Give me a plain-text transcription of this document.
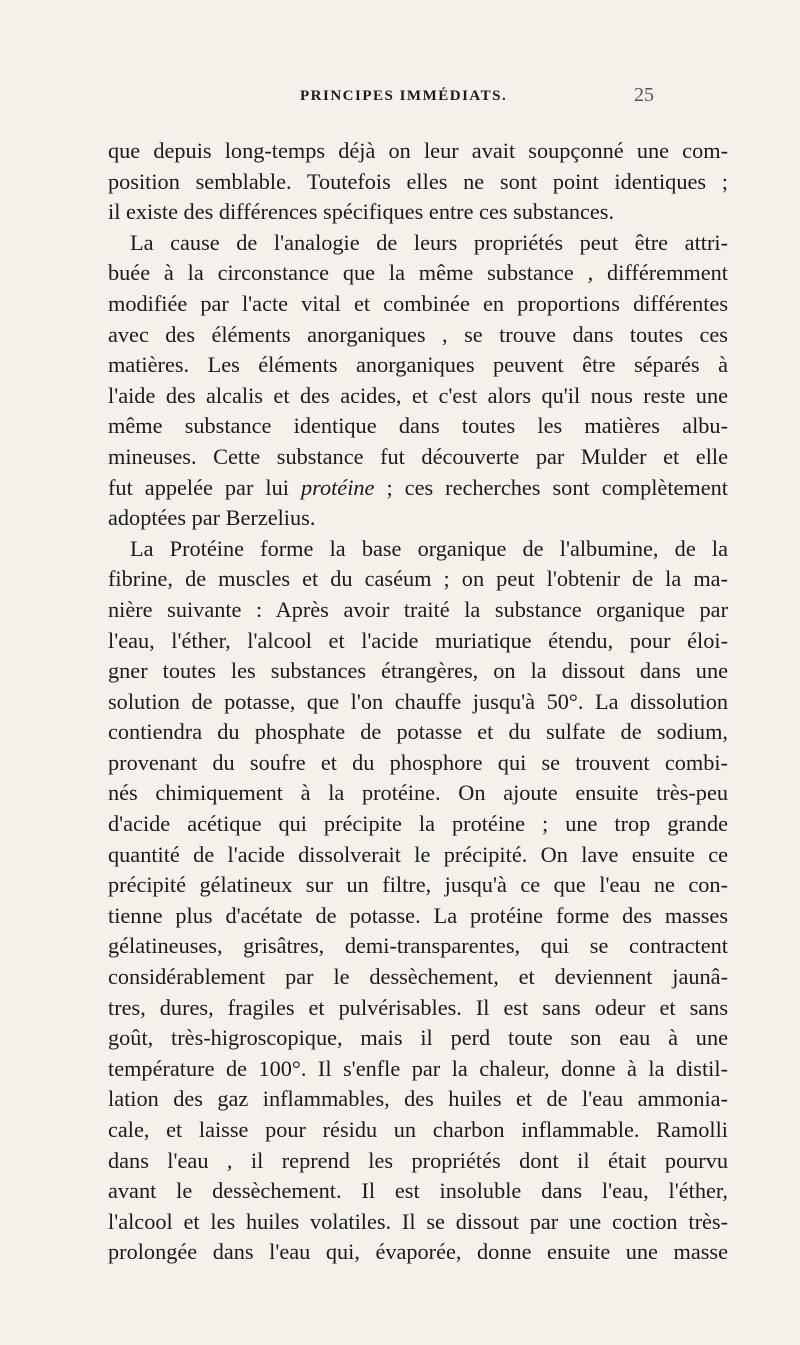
PRINCIPES IMMÉDIATS.	25

que depuis long-temps déjà on leur avait soupçonné une com-
position semblable. Toutefois elles ne sont point identiques ;
il existe des différences spécifiques entre ces substances.

La cause de l'analogie de leurs propriétés peut être attri-
buée à la circonstance que la même substance , différemment
modifiée par l'acte vital et combinée en proportions différentes
avec des éléments anorganiques , se trouve dans toutes ces
matières. Les éléments anorganiques peuvent être séparés à
l'aide des alcalis et des acides, et c'est alors qu'il nous reste une
même substance identique dans toutes les matières albu-
mineuses. Cette substance fut découverte par Mulder et elle
fut appelée par lui protéine ; ces recherches sont complètement
adoptées par Berzelius.

La Protéine forme la base organique de l'albumine, de la
fibrine, de muscles et du caséum ; on peut l'obtenir de la ma-
nière suivante : Après avoir traité la substance organique par
l'eau, l'éther, l'alcool et l'acide muriatique étendu, pour éloi-
gner toutes les substances étrangères, on la dissout dans une
solution de potasse, que l'on chauffe jusqu'à 50°. La dissolution
contiendra du phosphate de potasse et du sulfate de sodium,
provenant du soufre et du phosphore qui se trouvent combi-
nés chimiquement à la protéine. On ajoute ensuite très-peu
d'acide acétique qui précipite la protéine ; une trop grande
quantité de l'acide dissolverait le précipité. On lave ensuite ce
précipité gélatineux sur un filtre, jusqu'à ce que l'eau ne con-
tienne plus d'acétate de potasse. La protéine forme des masses
gélatineuses, grisâtres, demi-transparentes, qui se contractent
considérablement par le dessèchement, et deviennent jaunâ-
tres, dures, fragiles et pulvérisables. Il est sans odeur et sans
goût, très-higroscopique, mais il perd toute son eau à une
température de 100°. Il s'enfle par la chaleur, donne à la distil-
lation des gaz inflammables, des huiles et de l'eau ammonia-
cale, et laisse pour résidu un charbon inflammable. Ramolli
dans l'eau , il reprend les propriétés dont il était pourvu
avant le dessèchement. Il est insoluble dans l'eau, l'éther,
l'alcool et les huiles volatiles. Il se dissout par une coction très-
prolongée dans l'eau qui, évaporée, donne ensuite une masse
